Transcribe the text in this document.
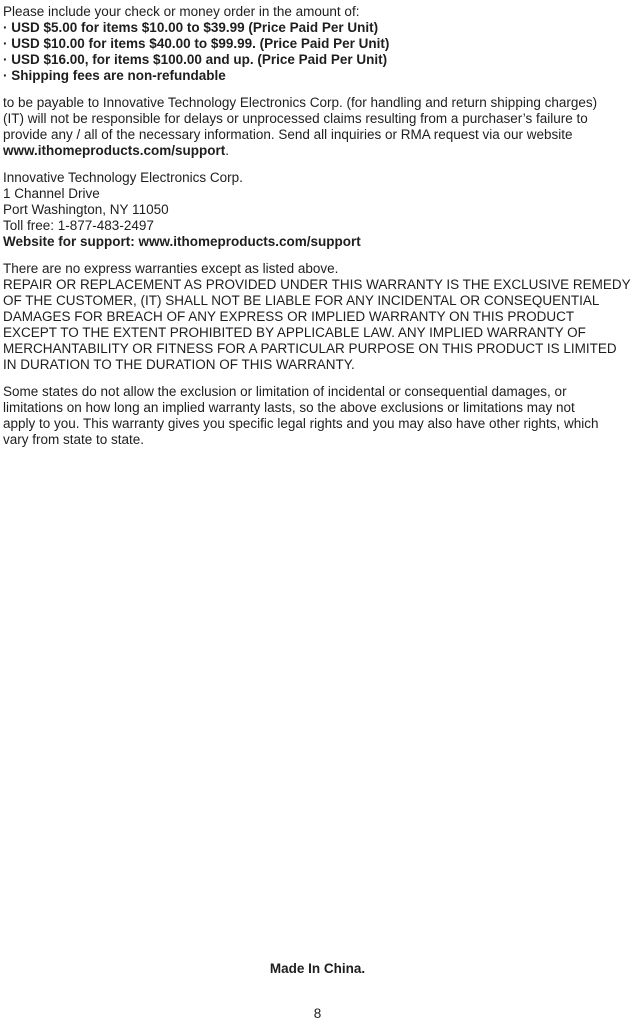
Please include your check or money order in the amount of:
· USD $5.00 for items $10.00 to $39.99 (Price Paid Per Unit)
· USD $10.00 for items $40.00 to $99.99. (Price Paid Per Unit)
· USD $16.00, for items $100.00 and up. (Price Paid Per Unit)
· Shipping fees are non-refundable
to be payable to Innovative Technology Electronics Corp. (for handling and return shipping charges)
(IT) will not be responsible for delays or unprocessed claims resulting from a purchaser’s failure to
provide any / all of the necessary information. Send all inquiries or RMA request via our website
www.ithomeproducts.com/support.
Innovative Technology Electronics Corp.
1 Channel Drive
Port Washington, NY 11050
Toll free: 1-877-483-2497
Website for support: www.ithomeproducts.com/support
There are no express warranties except as listed above.
REPAIR OR REPLACEMENT AS PROVIDED UNDER THIS WARRANTY IS THE EXCLUSIVE REMEDY
OF THE CUSTOMER, (IT) SHALL NOT BE LIABLE FOR ANY INCIDENTAL OR CONSEQUENTIAL
DAMAGES FOR BREACH OF ANY EXPRESS OR IMPLIED WARRANTY ON THIS PRODUCT
EXCEPT TO THE EXTENT PROHIBITED BY APPLICABLE LAW. ANY IMPLIED WARRANTY OF
MERCHANTABILITY OR FITNESS FOR A PARTICULAR PURPOSE ON THIS PRODUCT IS LIMITED
IN DURATION TO THE DURATION OF THIS WARRANTY.
Some states do not allow the exclusion or limitation of incidental or consequential damages, or
limitations on how long an implied warranty lasts, so the above exclusions or limitations may not
apply to you. This warranty gives you specific legal rights and you may also have other rights, which
vary from state to state.
Made In China.
8
